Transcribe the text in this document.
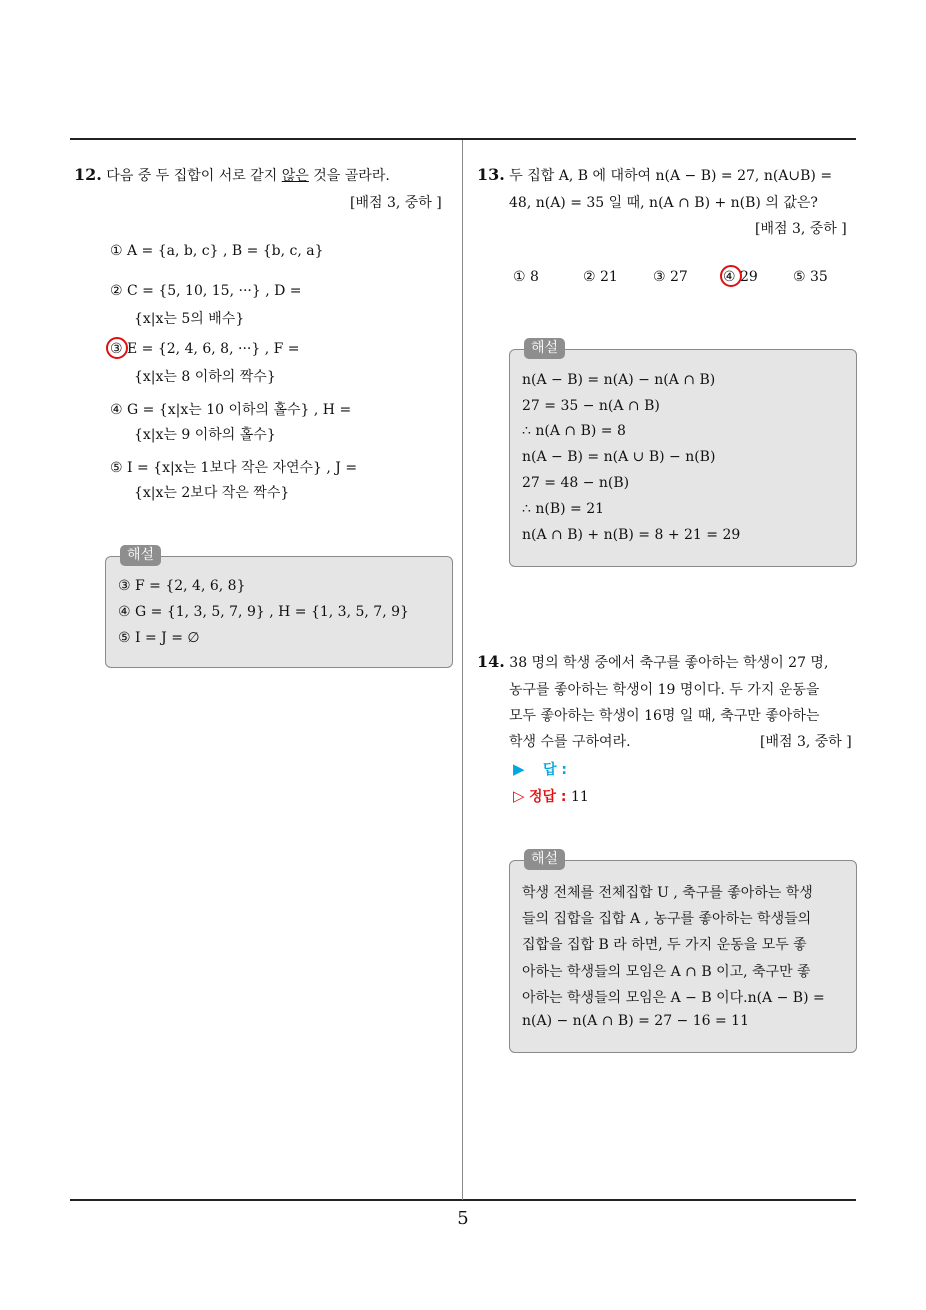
12. 다음 중 두 집합이 서로 같지 않은 것을 골라라.
[배점 3, 중하 ]
① A = {a, b, c} , B = {b, c, a}
② C = {5, 10, 15, ···} , D =
{x|x는 5의 배수}
③ E = {2, 4, 6, 8, ···} , F =
{x|x는 8 이하의 짝수}
④ G = {x|x는 10 이하의 홀수} , H =
{x|x는 9 이하의 홀수}
⑤ I = {x|x는 1보다 작은 자연수} , J =
{x|x는 2보다 작은 짝수}
해설
③ F = {2, 4, 6, 8}
④ G = {1, 3, 5, 7, 9} , H = {1, 3, 5, 7, 9}
⑤ I = J = ∅
13. 두 집합 A, B 에 대하여 n(A − B) = 27, n(A∪B) =
48, n(A) = 35 일 때, n(A ∩ B) + n(B) 의 값은?
[배점 3, 중하 ]
① 8	② 21	③ 27	④ 29	⑤ 35
해설
n(A − B) = n(A) − n(A ∩ B)
27 = 35 − n(A ∩ B)
∴ n(A ∩ B) = 8
n(A − B) = n(A ∪ B) − n(B)
27 = 48 − n(B)
∴ n(B) = 21
n(A ∩ B) + n(B) = 8 + 21 = 29
14. 38 명의 학생 중에서 축구를 좋아하는 학생이 27 명,
농구를 좋아하는 학생이 19 명이다. 두 가지 운동을
모두 좋아하는 학생이 16명 일 때, 축구만 좋아하는
학생 수를 구하여라.	[배점 3, 중하 ]
▶ 답 :
▷ 정답 : 11
해설
학생 전체를 전체집합 U , 축구를 좋아하는 학생
들의 집합을 집합 A , 농구를 좋아하는 학생들의
집합을 집합 B 라 하면, 두 가지 운동을 모두 좋
아하는 학생들의 모임은 A ∩ B 이고, 축구만 좋
아하는 학생들의 모임은 A − B 이다.n(A − B) =
n(A) − n(A ∩ B) = 27 − 16 = 11
5
